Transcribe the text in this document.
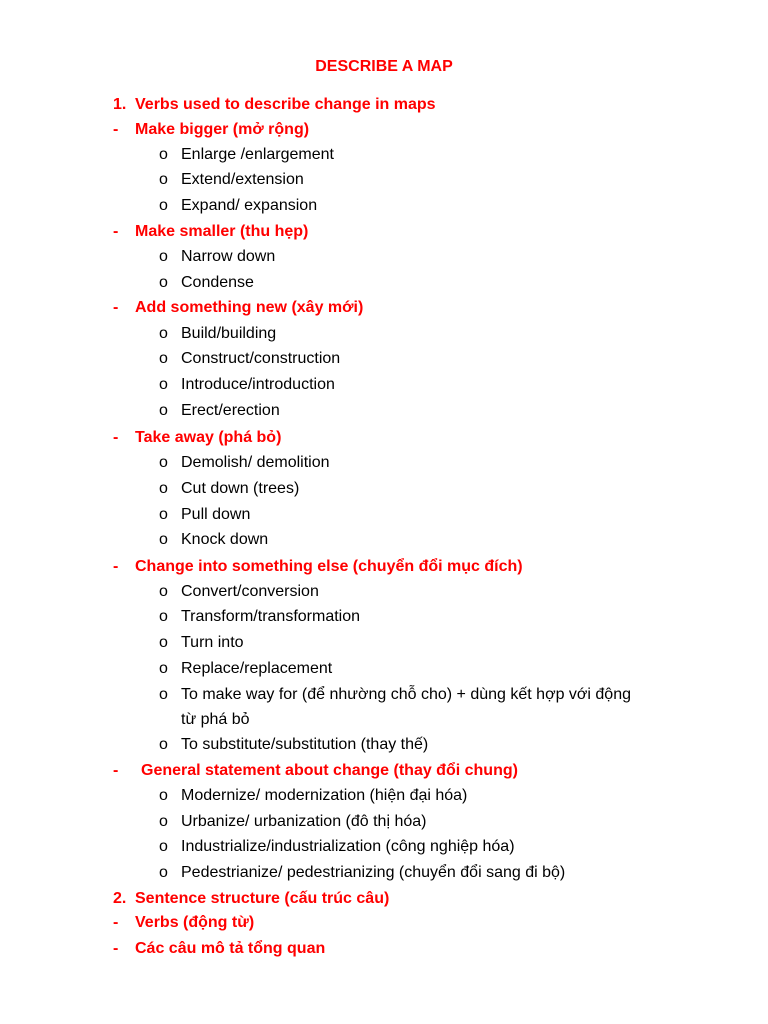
DESCRIBE A MAP
1. Verbs used to describe change in maps
- Make bigger (mở rộng)
o Enlarge /enlargement
o Extend/extension
o Expand/ expansion
- Make smaller (thu hẹp)
o Narrow down
o Condense
- Add something new (xây mới)
o Build/building
o Construct/construction
o Introduce/introduction
o Erect/erection
- Take away (phá bỏ)
o Demolish/ demolition
o Cut down (trees)
o Pull down
o Knock down
- Change into something else (chuyển đổi mục đích)
o Convert/conversion
o Transform/transformation
o Turn into
o Replace/replacement
o To make way for (để nhường chỗ cho) + dùng kết hợp với động
từ phá bỏ
o To substitute/substitution (thay thế)
- General statement about change (thay đổi chung)
o Modernize/ modernization (hiện đại hóa)
o Urbanize/ urbanization (đô thị hóa)
o Industrialize/industrialization (công nghiệp hóa)
o Pedestrianize/ pedestrianizing (chuyển đổi sang đi bộ)
2. Sentence structure (cấu trúc câu)
- Verbs (động từ)
- Các câu mô tả tổng quan
